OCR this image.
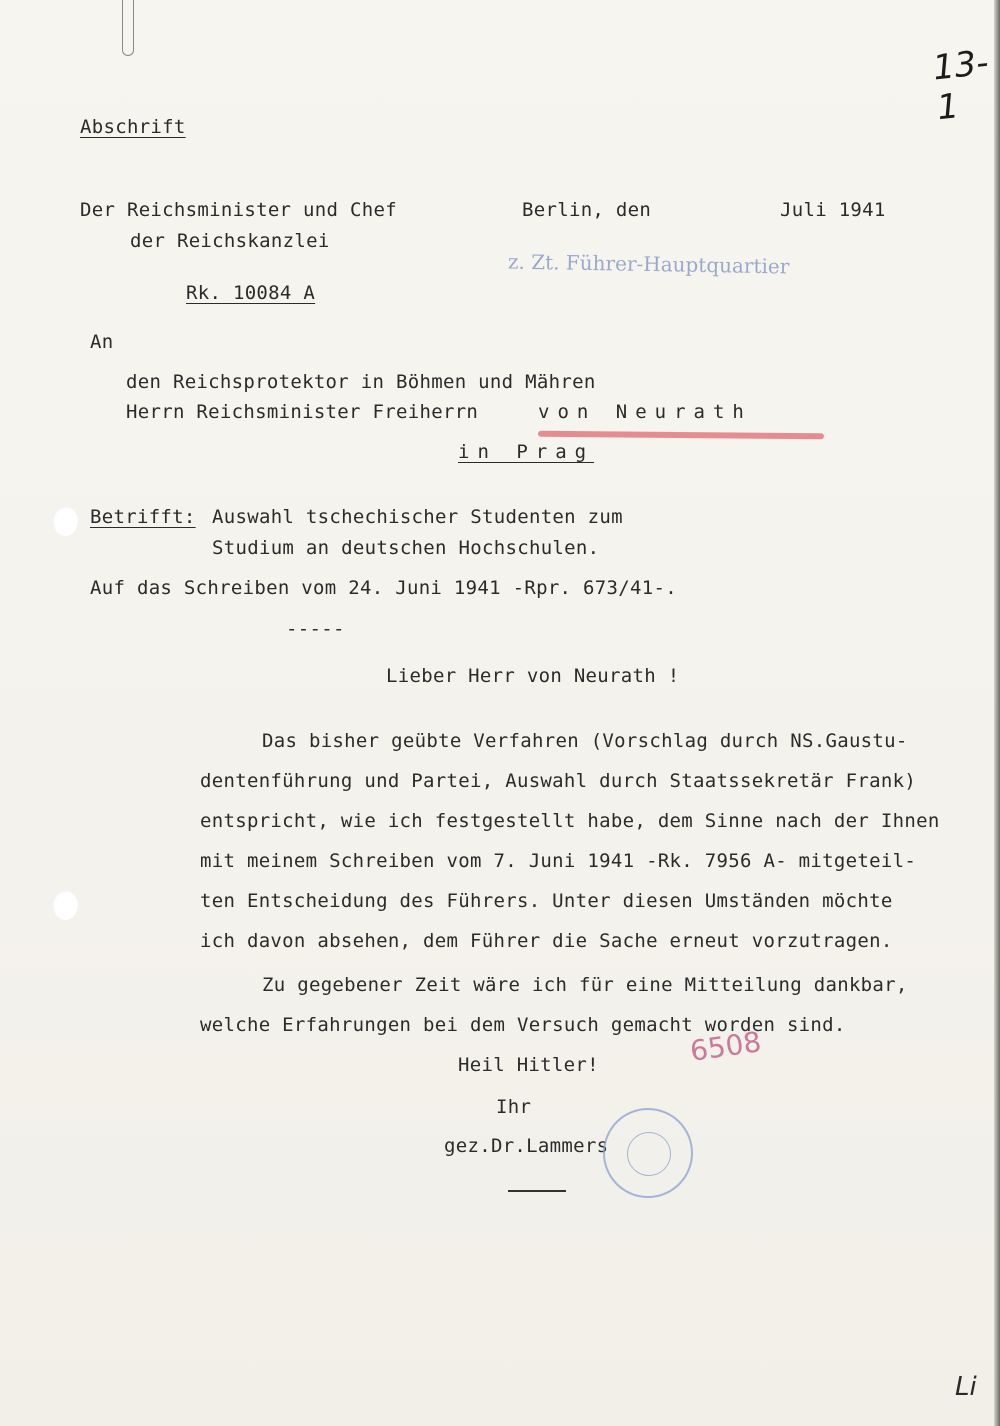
13-1
Li
Abschrift
Der Reichsminister und Chef
der Reichskanzlei
Berlin, den	Juli 1941
z. Zt. Führer-Hauptquartier
Rk. 10084 A
An
den Reichsprotektor in Böhmen und Mähren
Herrn Reichsminister Freiherrn	von Neurath
in Prag
Betrifft: Auswahl tschechischer Studenten zum
Studium an deutschen Hochschulen.
Auf das Schreiben vom 24. Juni 1941 -Rpr. 673/41-.
-----
Lieber Herr von Neurath !
Das bisher geübte Verfahren (Vorschlag durch NS.Gaustu-
dentenführung und Partei, Auswahl durch Staatssekretär Frank)
entspricht, wie ich festgestellt habe, dem Sinne nach der Ihnen
mit meinem Schreiben vom 7. Juni 1941 -Rk. 7956 A- mitgeteil-
ten Entscheidung des Führers. Unter diesen Umständen möchte
ich davon absehen, dem Führer die Sache erneut vorzutragen.
Zu gegebener Zeit wäre ich für eine Mitteilung dankbar,
welche Erfahrungen bei dem Versuch gemacht worden sind.
Heil Hitler!	6508
Ihr
gez.Dr.Lammers
